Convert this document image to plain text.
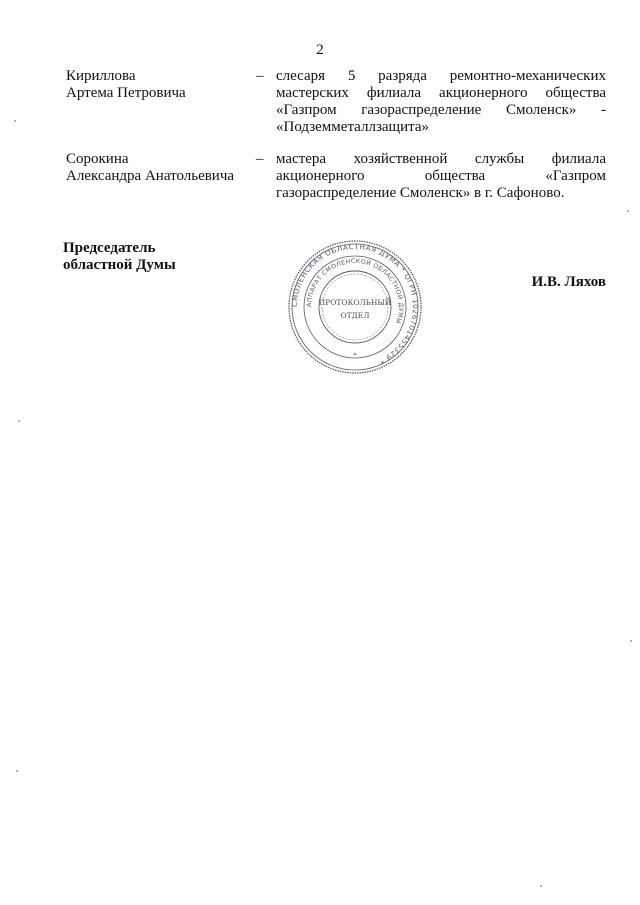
2
Кириллова
Артема Петровича
– слесаря 5 разряда ремонтно-механических мастерских филиала акционерного общества «Газпром газораспределение Смоленск» - «Подземметаллзащита»
Сорокина
Александра Анатольевича
– мастера хозяйственной службы филиала акционерного общества «Газпром газораспределение Смоленск» в г. Сафоново.
Председатель
областной Думы
СМОЛЕНСКАЯ ОБЛАСТНАЯ ДУМА * ОГРН 1026701455329 *
АППАРАТ СМОЛЕНСКОЙ ОБЛАСТНОЙ ДУМЫ
ПРОТОКОЛЬНЫЙ
ОТДЕЛ
*
И.В. Ляхов
